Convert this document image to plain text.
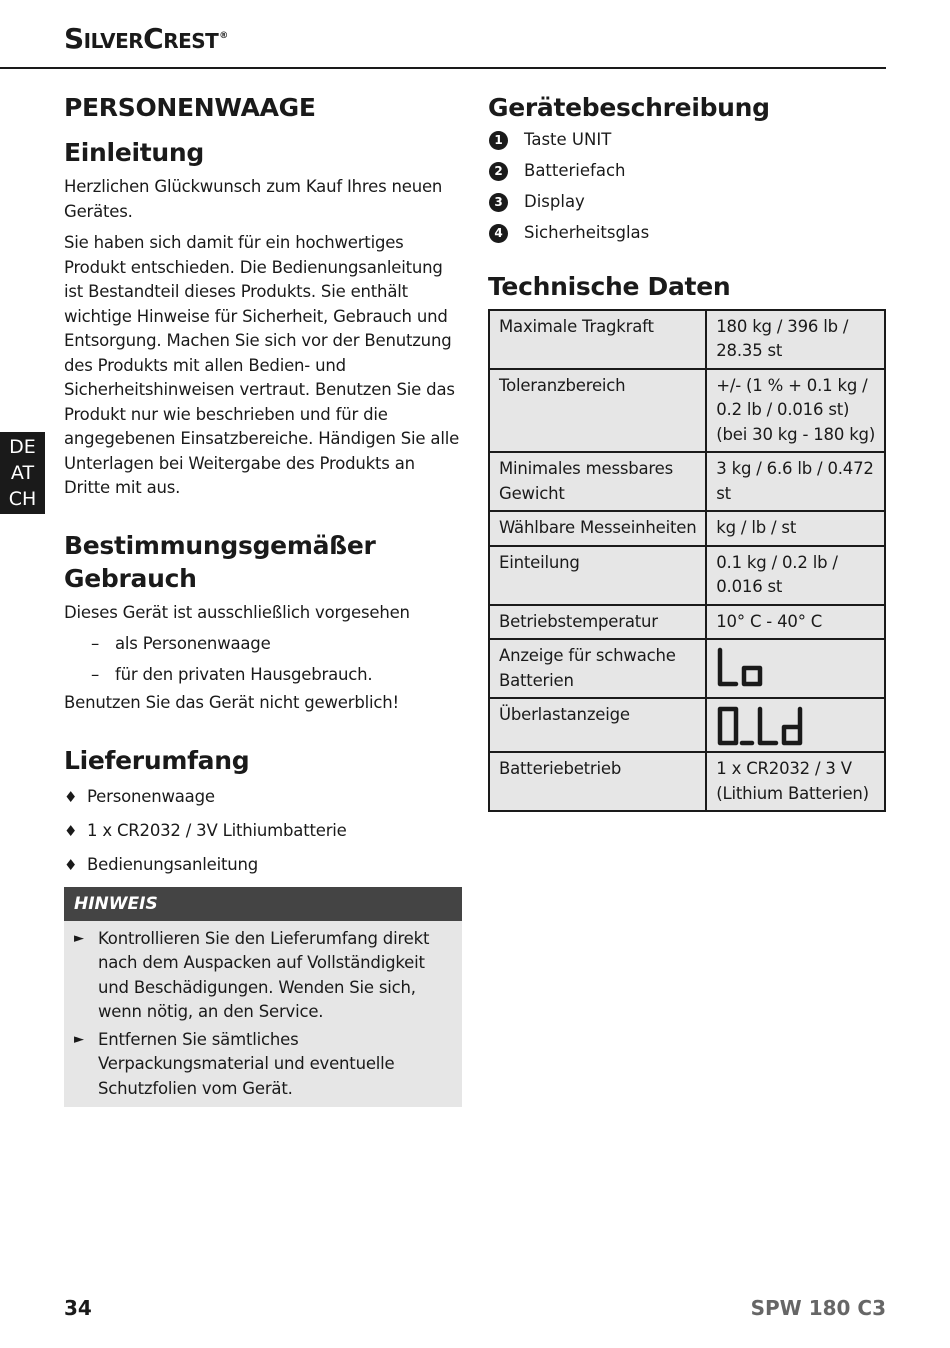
SilverCrest®
DE
AT
CH
PERSONENWAAGE
Einleitung

Herzlichen Glückwunsch zum Kauf Ihres neuen Gerätes.

Sie haben sich damit für ein hochwertiges Produkt entschieden. Die Bedienungsanleitung ist Bestandteil dieses Produkts. Sie enthält wichtige Hinweise für Sicherheit, Gebrauch und Entsorgung. Machen Sie sich vor der Benutzung des Produkts mit allen Bedien- und Sicherheitshinweisen vertraut. Benutzen Sie das Produkt nur wie beschrieben und für die angegebenen Einsatzbereiche. Händigen Sie alle Unterlagen bei Weitergabe des Produkts an Dritte mit aus.

Bestimmungsgemäßer Gebrauch

Dieses Gerät ist ausschließlich vorgesehen

– als Personenwaage
– für den privaten Hausgebrauch.

Benutzen Sie das Gerät nicht gewerblich!

Lieferumfang
♦ Personenwaage
♦ 1 x CR2032 / 3V Lithiumbatterie
♦ Bedienungsanleitung
HINWEIS
► Kontrollieren Sie den Lieferumfang direkt nach dem Auspacken auf Vollständigkeit und Beschädigungen. Wenden Sie sich, wenn nötig, an den Service.
► Entfernen Sie sämtliches Verpackungsmaterial und eventuelle Schutzfolien vom Gerät.
Gerätebeschreibung
1	Taste UNIT
2	Batteriefach
3	Display
4	Sicherheitsglas
Technische Daten
Maximale Tragkraft	180 kg / 396 lb / 28.35 st
Toleranzbereich	+/- (1 % + 0.1 kg / 0.2 lb / 0.016 st) (bei 30 kg - 180 kg)
Minimales messbares Gewicht	3 kg / 6.6 lb / 0.472 st
Wählbare Messeinheiten	kg / lb / st
Einteilung	0.1 kg / 0.2 lb / 0.016 st
Betriebstemperatur	10° C - 40° C
Anzeige für schwache Batterien	

Überlastanzeige	

Batteriebetrieb	1 x CR2032 / 3 V (Lithium Batterien)
34	SPW 180 C3
